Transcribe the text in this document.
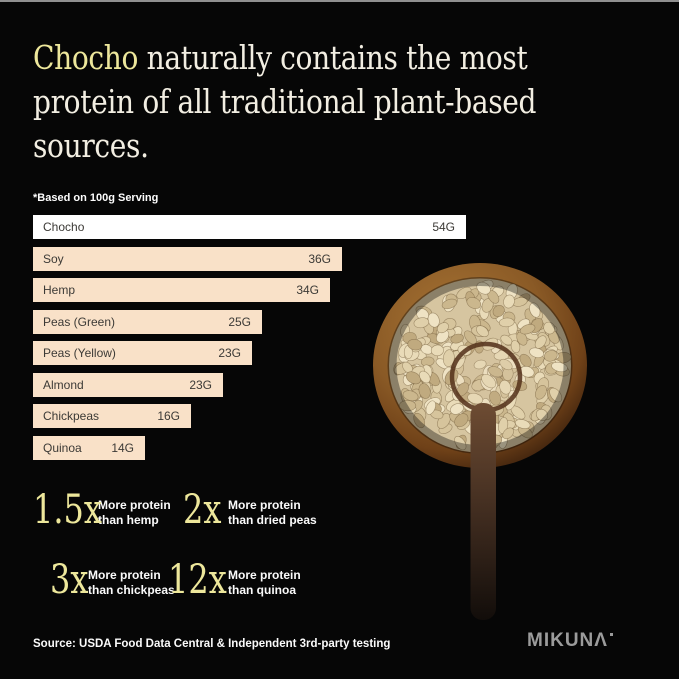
Chocho naturally contains the most
protein of all traditional plant-based
sources.
*Based on 100g Serving
Chocho	54G
Soy	36G
Hemp	34G
Peas (Green)	25G
Peas (Yellow)	23G
Almond	23G
Chickpeas	16G
Quinoa 14G
1.5x
More protein
than hemp 2x More protein
than dried peas
3x More protein
than chickpeas
12x More protein
than quinoa
Source: USDA Food Data Central & Independent 3rd-party testing	MIKUNΛ
